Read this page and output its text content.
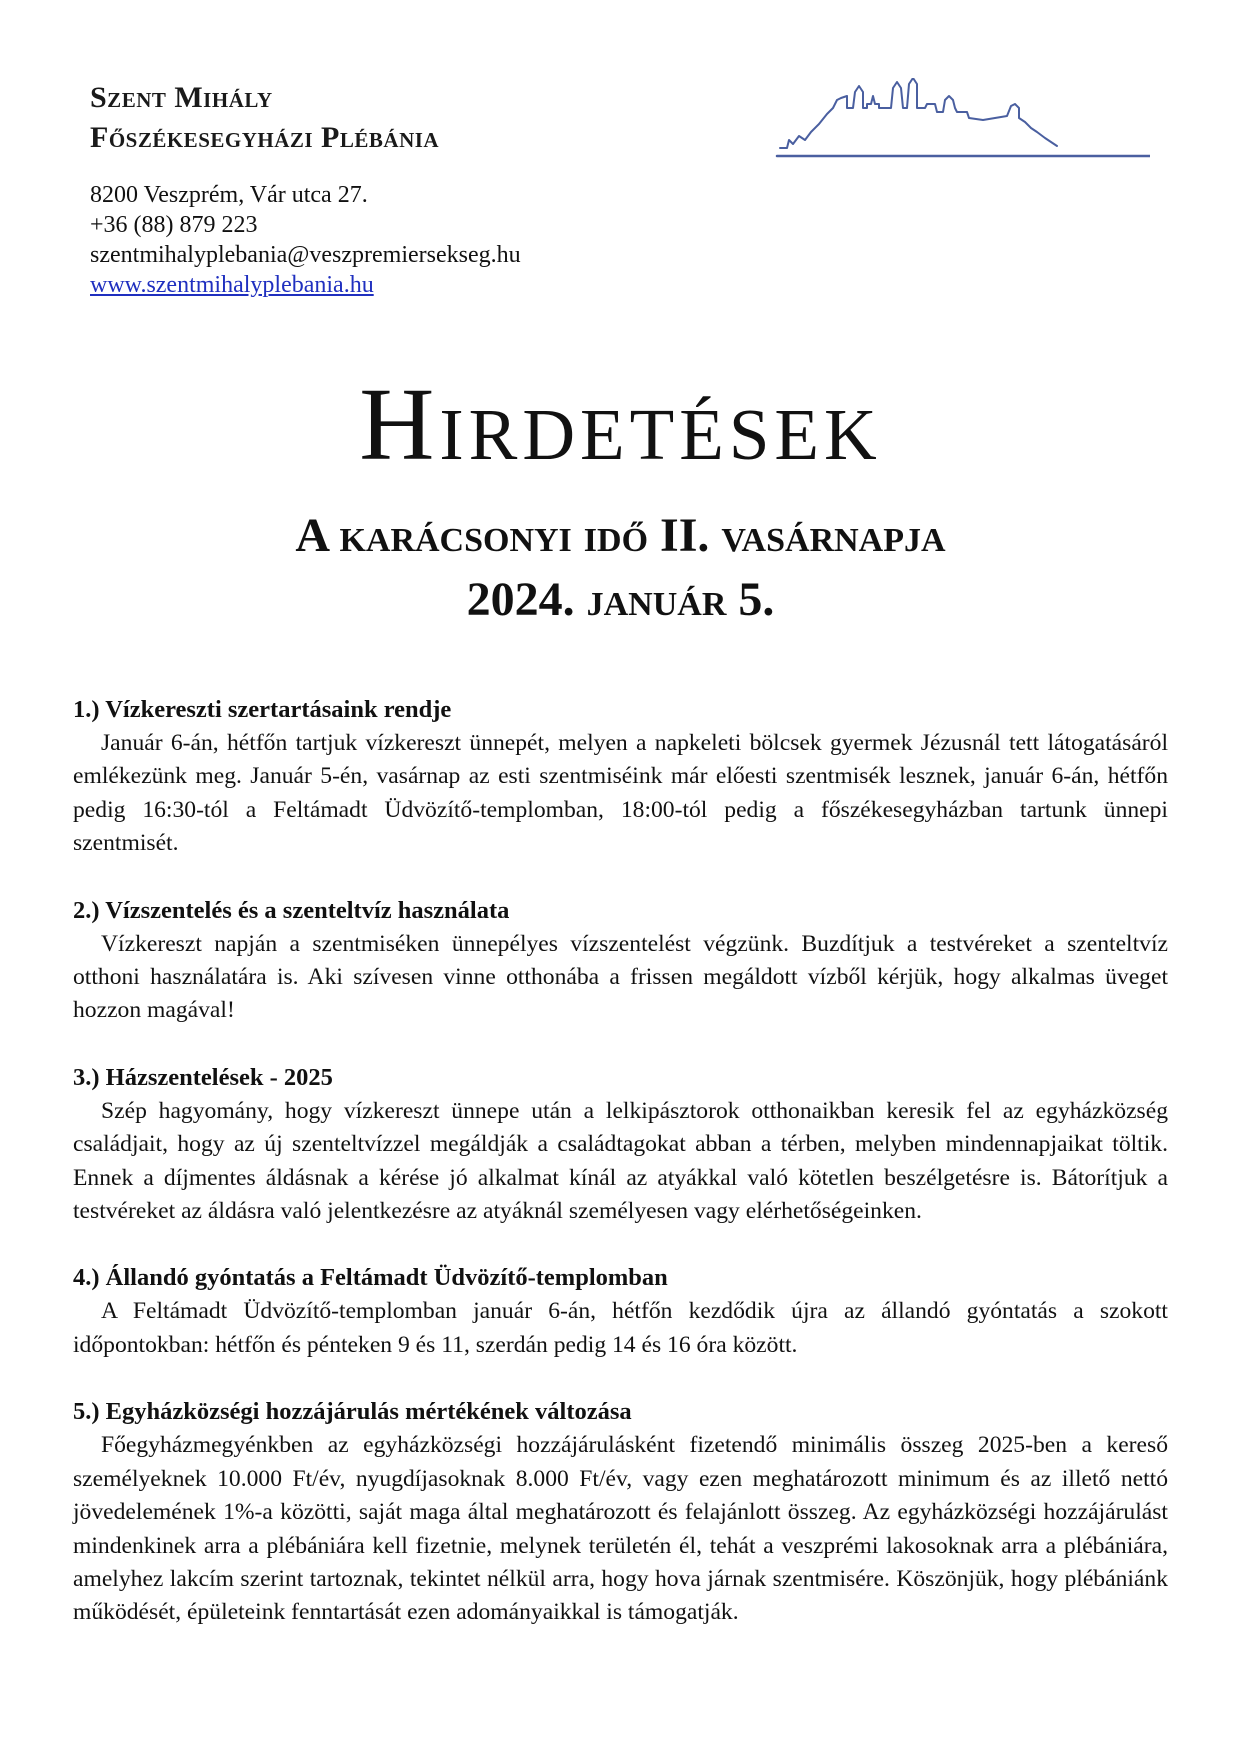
Szent Mihály
Főszékesegyházi Plébánia
8200 Veszprém, Vár utca 27.
+36 (88) 879 223
szentmihalyplebania@veszpremiersekseg.hu
www.szentmihalyplebania.hu
Hirdetések
A karácsonyi idő II. vasárnapja
2024. január 5.
1.) Vízkereszti szertartásaink rendje

Január 6-án, hétfőn tartjuk vízkereszt ünnepét, melyen a napkeleti bölcsek gyermek Jézusnál tett látogatásáról emlékezünk meg. Január 5-én, vasárnap az esti szentmiséink már előesti szentmisék lesznek, január 6-án, hétfőn pedig 16:30-tól a Feltámadt Üdvözítő-templomban, 18:00-tól pedig a főszékesegyházban tartunk ünnepi szentmisét.

2.) Vízszentelés és a szenteltvíz használata

Vízkereszt napján a szentmiséken ünnepélyes vízszentelést végzünk. Buzdítjuk a testvéreket a szenteltvíz otthoni használatára is. Aki szívesen vinne otthonába a frissen megáldott vízből kérjük, hogy alkalmas üveget hozzon magával!

3.) Házszentelések - 2025

Szép hagyomány, hogy vízkereszt ünnepe után a lelkipásztorok otthonaikban keresik fel az egyházközség családjait, hogy az új szenteltvízzel megáldják a családtagokat abban a térben, melyben mindennapjaikat töltik. Ennek a díjmentes áldásnak a kérése jó alkalmat kínál az atyákkal való kötetlen beszélgetésre is. Bátorítjuk a testvéreket az áldásra való jelentkezésre az atyáknál személyesen vagy elérhetőségeinken.

4.) Állandó gyóntatás a Feltámadt Üdvözítő-templomban

A Feltámadt Üdvözítő-templomban január 6-án, hétfőn kezdődik újra az állandó gyóntatás a szokott időpontokban: hétfőn és pénteken 9 és 11, szerdán pedig 14 és 16 óra között.

5.) Egyházközségi hozzájárulás mértékének változása

Főegyházmegyénkben az egyházközségi hozzájárulásként fizetendő minimális összeg 2025-ben a kereső személyeknek 10.000 Ft/év, nyugdíjasoknak 8.000 Ft/év, vagy ezen meghatározott minimum és az illető nettó jövedelemének 1%-a közötti, saját maga által meghatározott és felajánlott összeg. Az egyházközségi hozzájárulást mindenkinek arra a plébániára kell fizetnie, melynek területén él, tehát a veszprémi lakosoknak arra a plébániára, amelyhez lakcím szerint tartoznak, tekintet nélkül arra, hogy hova járnak szentmisére. Köszönjük, hogy plébániánk működését, épületeink fenntartását ezen adományaikkal is támogatják.
